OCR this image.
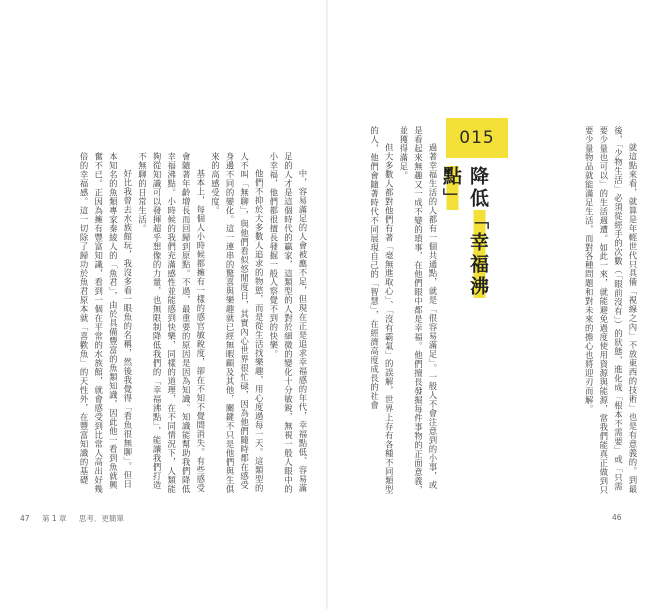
就這點來看，就算是年輕世代只具備「視線之內」不放東西的技術」也是有意義的。到最後，「少物生活」必須從經手的次數（「眼前沒有」）的狀態，進化成「根本不需要」或「只需要少量也可以」的生活週遭。如此一來，就能避免過度使用資源與能源，當我們能真正做到只要少量物品就能滿足生活，而對各種問題和對未來的擔心也將迎刃而解。

015
降低「幸福沸點」

過著幸福生活的人都有一個共通點，就是「很容易滿足」。一般人不會注意到的小事，或是看起來無趣又一成不變的瑣事，在他們眼中都是幸福。他們擅長發掘每件事物的正面意義，並獲得滿足。

但大多數人都對他們有著「毫無進取心」、「沒有霸氣」的誤解，世界上存有各種不同類型的人，他們會隨著時代不同展現自己的「智慧」，在經濟高度成長的社會

中，容易滿足的人會被應不足，但現在正是追求幸福感的年代，幸福點低、容易滿足的人才是這個時代的贏家，這類型的人對於細微的變化十分敏銳，無視一般人眼中的小幸福，他們都很擅長發掘一般人察覺不到的快樂。

他們不抑於大多數人追求的物慾，而是從生活找樂趣，用心度過每一天。這類型的人不叫「無聊」，與他們看似悠閒度日，其實內心世界很忙碌，因為他們隨時都在感受身邊不同的變化。這一連串的驚喜與樂趣就已經無暇顧及其他，關鍵不只是他們與生俱來的高感受度。

基本上，每個人小時候都擁有一樣的感官敏銳度，卻在不知不覺間消失。有些感受會隨著年齡增長而回歸到原點。不過，最重要的原因是因為知識。知識能幫助我們降低幸福沸點。小時候的我們充滿感性並能感到快樂，同樣的道理，在不同情況下，人類能夠從知識可以發揮超乎想像的力量，也無限制降低我們的「幸福沸點」，能讓我們打造不無聊的日常生活。

好比我曾去水族館玩，我沒多看一眼魚的名稱，然後我覺得「看魚很無聊」。但日本知名的魚類專家秦綾人的「魚君」，由於具備豐富的魚類知識，因此他一看到魚就興奮不已。正因為擁有豐富知識，看到一個在平常的水族館，就會感受到比常人高出好幾倍的幸福感。這一切除了歸功於魚君原本就「喜歡魚」的天性外，在豐富知識的基礎

47 第 1 章 思考．更簡單	46
